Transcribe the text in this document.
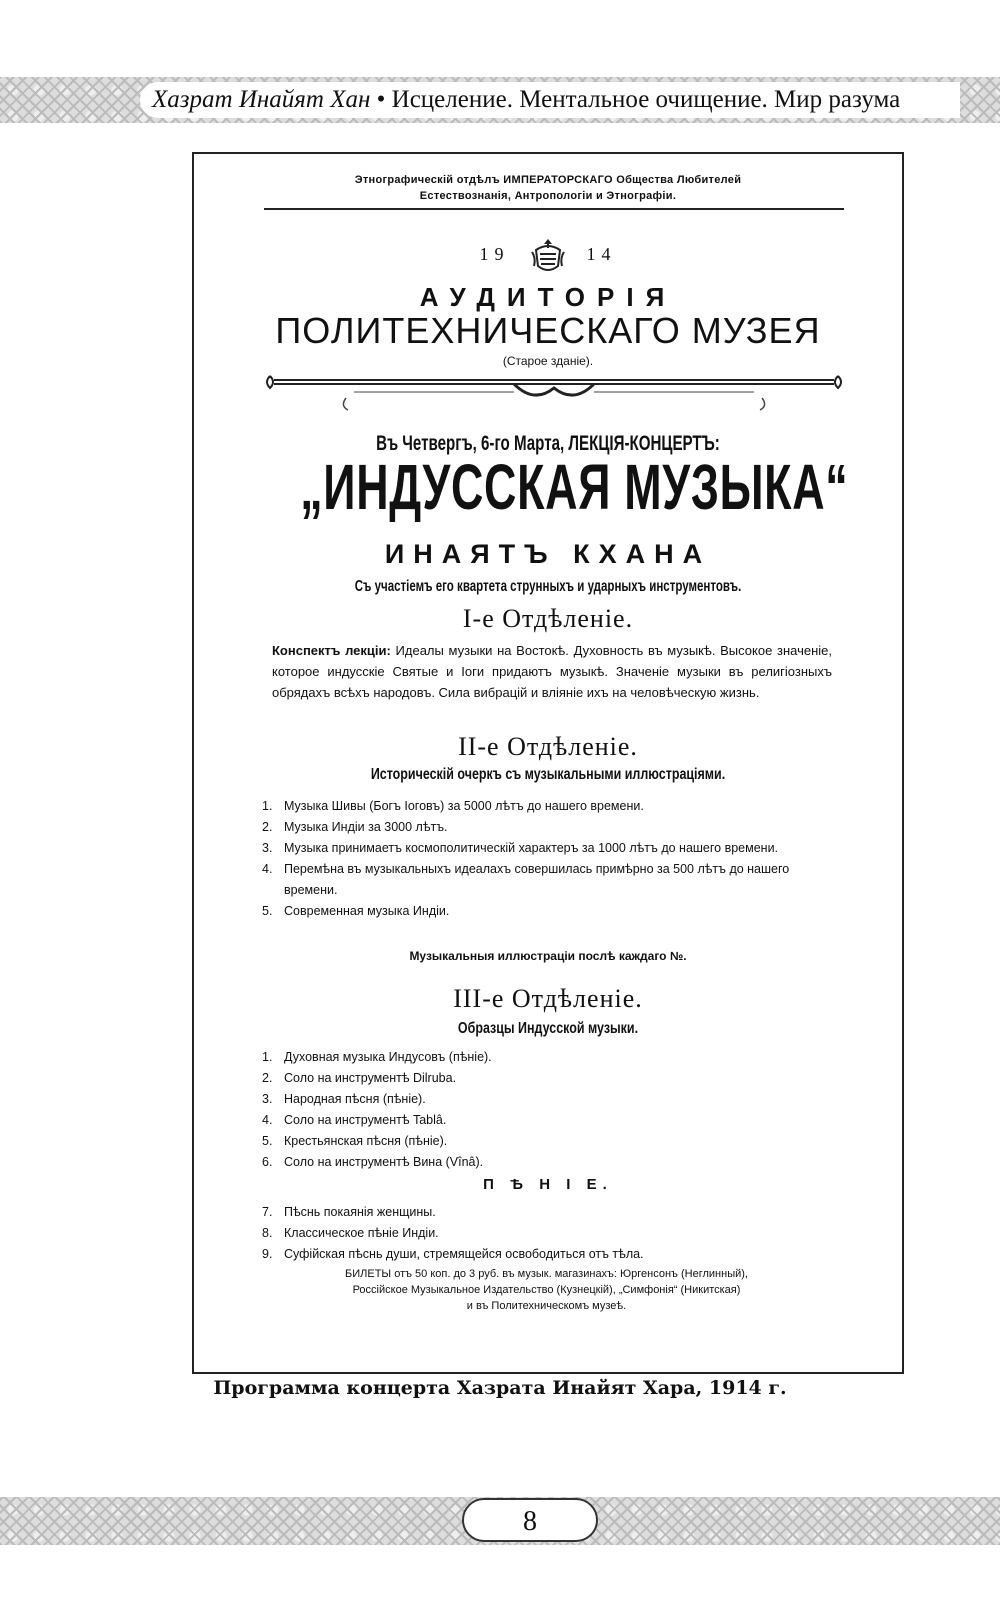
Хазрат Инайят Хан • Исцеление. Ментальное очищение. Мир разума
Этнографическій отдѣлъ ИМПЕРАТОРСКАГО Общества Любителей
Естествознанія, Антропологіи и Этнографіи.
19	14
АУДИТОРІЯ
ПОЛИТЕХНИЧЕСКАГО МУЗЕЯ
(Старое зданіе).
Въ Четвергъ, 6-го Марта, ЛЕКЦІЯ-КОНЦЕРТЪ:
„ИНДУССКАЯ МУЗЫКА“
ИНАЯТЪ КХАНА
Съ участіемъ его квартета струнныхъ и ударныхъ инструментовъ.
I-е Отдѣленіе.
Конспектъ лекціи: Идеалы музыки на Востокѣ. Духовность въ музыкѣ. Высокое значеніе, которое индусскіе Святые и Іоги придаютъ музыкѣ. Значеніе музыки въ религіозныхъ обрядахъ всѣхъ народовъ. Сила вибрацій и вліяніе ихъ на человѣческую жизнь.
II-е Отдѣленіе.
Историческій очеркъ съ музыкальными иллюстраціями.
1. Музыка Шивы (Богъ Іоговъ) за 5000 лѣтъ до нашего времени.
2. Музыка Индіи за 3000 лѣтъ.
3. Музыка принимаетъ космополитическій характеръ за 1000 лѣтъ до нашего времени.
4. Перемѣна въ музыкальныхъ идеалахъ совершилась примѣрно за 500 лѣтъ до нашего времени.
5. Современная музыка Индіи.
Музыкальныя иллюстраціи послѣ каждаго №.
III-е Отдѣленіе.
Образцы Индусской музыки.
1. Духовная музыка Индусовъ (пѣніе).
2. Соло на инструментѣ Dilruba.
3. Народная пѣсня (пѣніе).
4. Соло на инструментѣ Tablâ.
5. Крестьянская пѣсня (пѣніе).
6. Соло на инструментѣ Вина (Vînâ).
П Ѣ Н І Е.
7. Пѣснь покаянія женщины.
8. Классическое пѣніе Индіи.
9. Суфійская пѣснь души, стремящейся освободиться отъ тѣла.
БИЛЕТЫ отъ 50 коп. до 3 руб. въ музык. магазинахъ: Юргенсонъ (Неглинный),
Россійское Музыкальное Издательство (Кузнецкій), „Симфонія“ (Никитская)
и въ Политехническомъ музеѣ.
Программа концерта Хазрата Инайят Хара, 1914 г.
8
